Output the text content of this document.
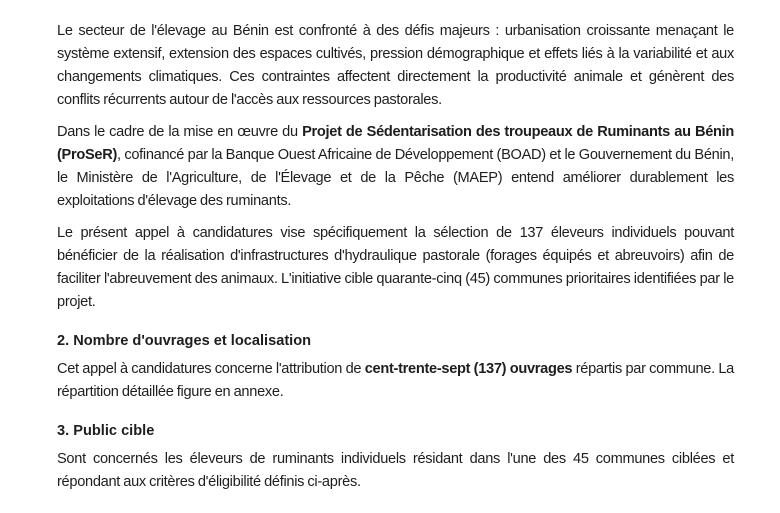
Le secteur de l'élevage au Bénin est confronté à des défis majeurs : urbanisation croissante menaçant le système extensif, extension des espaces cultivés, pression démographique et effets liés à la variabilité et aux changements climatiques. Ces contraintes affectent directement la productivité animale et génèrent des conflits récurrents autour de l'accès aux ressources pastorales.

Dans le cadre de la mise en œuvre du Projet de Sédentarisation des troupeaux de Ruminants au Bénin (ProSeR), cofinancé par la Banque Ouest Africaine de Développement (BOAD) et le Gouvernement du Bénin, le Ministère de l'Agriculture, de l'Élevage et de la Pêche (MAEP) entend améliorer durablement les exploitations d'élevage des ruminants.

Le présent appel à candidatures vise spécifiquement la sélection de 137 éleveurs individuels pouvant bénéficier de la réalisation d'infrastructures d'hydraulique pastorale (forages équipés et abreuvoirs) afin de faciliter l'abreuvement des animaux. L'initiative cible quarante-cinq (45) communes prioritaires identifiées par le projet.

2. Nombre d'ouvrages et localisation

Cet appel à candidatures concerne l'attribution de cent-trente-sept (137) ouvrages répartis par commune. La répartition détaillée figure en annexe.

3. Public cible

Sont concernés les éleveurs de ruminants individuels résidant dans l'une des 45 communes ciblées et répondant aux critères d'éligibilité définis ci-après.
